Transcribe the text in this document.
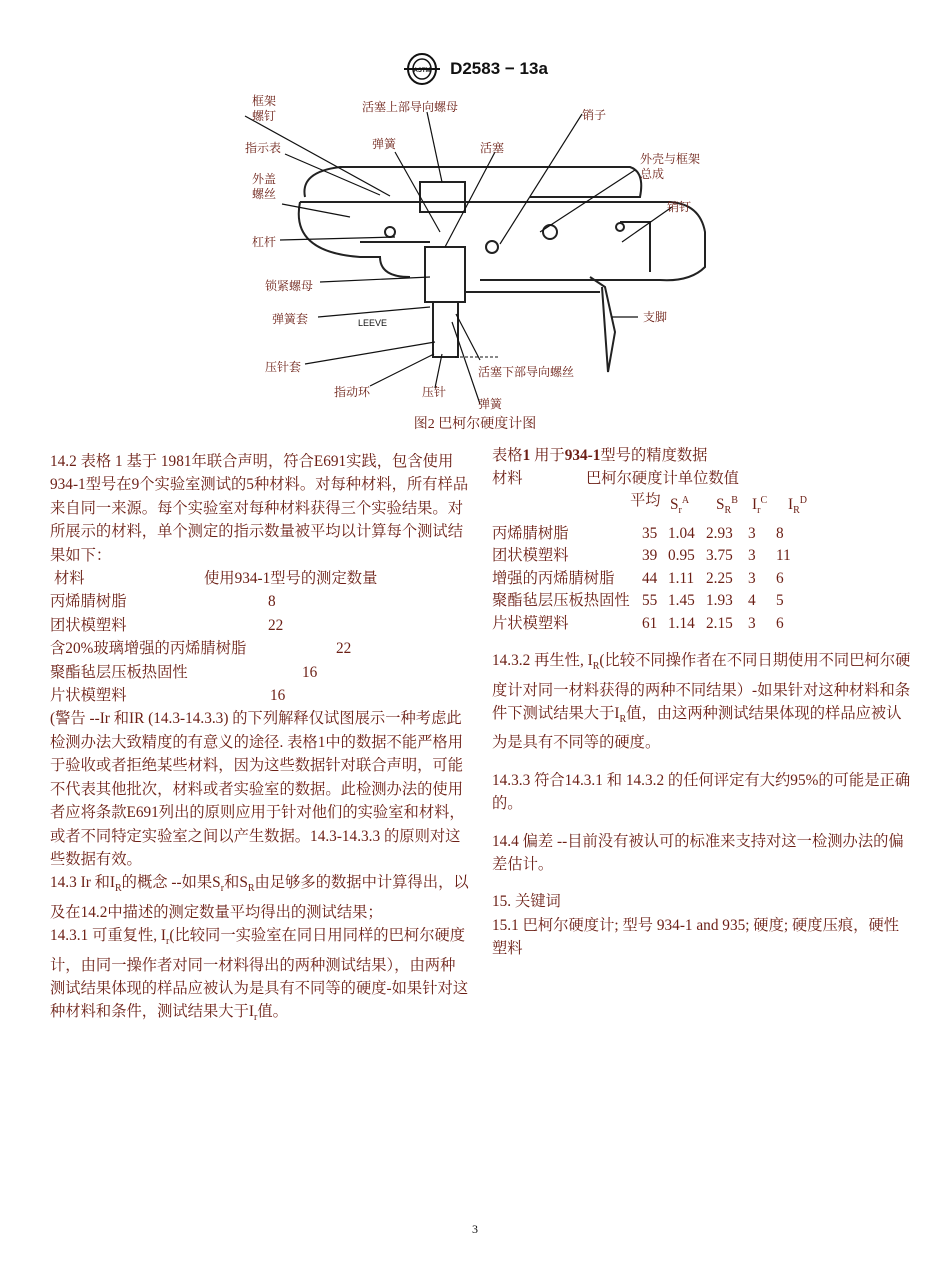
ASTM D2583 − 13a
框架
螺钉
活塞上部导向螺母
销子
指示表	弹簧	活塞
外壳与框架
总成
外盖
螺丝
销钉
杠杆
锁紧螺母
弹簧套	LEEVE	支脚
压针套	活塞下部导向螺丝
指动环	压针
弹簧
图2 巴柯尔硬度计图

14.2 表格 1 基于 1981年联合声明，符合E691实践，包含使用934-1型号在9个实验室测试的5种材料。对每种材料，所有样品来自同一来源。每个实验室对每种材料获得三个实验结果。对所展示的材料，单个测定的指示数量被平均以计算每个测试结果如下：

材料	使用934-1型号的测定数量
丙烯腈树脂	8
团状模塑料	22
含20%玻璃增强的丙烯腈树脂	22
聚酯毡层压板热固性	16
片状模塑料	16

(警告 --Ir 和IR (14.3-14.3.3) 的下列解释仅试图展示一种考虑此检测办法大致精度的有意义的途径. 表格1中的数据不能严格用于验收或者拒绝某些材料，因为这些数据针对联合声明，可能不代表其他批次，材料或者实验室的数据。此检测办法的使用者应将条款E691列出的原则应用于针对他们的实验室和材料，或者不同特定实验室之间以产生数据。14.3-14.3.3 的原则对这些数据有效。

14.3 Ir 和$I_R$的概念 --如果$S_r$和$S_R$由足够多的数据中计算得出，以及在14.2中描述的测定数量平均得出的测试结果；

14.3.1 可重复性, $I_r$(比较同一实验室在同日用同样的巴柯尔硬度计，由同一操作者对同一材料得出的两种测试结果），由两种测试结果体现的样品应被认为是具有不同等的硬度-如果针对这种材料和条件，测试结果大于$I_r$值。

表格1 用于934-1型号的精度数据
材料	巴柯尔硬度计单位数值
平均 $S_r^A$	$S_R^B$ $I_r^C$	$I_R^D$
丙烯腈树脂	35 1.04 2.93 3	8
团状模塑料	39 0.95 3.75 3	11
增强的丙烯腈树脂	44 1.11 2.25 3	6
聚酯毡层压板热固性 55 1.45 1.93 4	5
片状模塑料	61 1.14 2.15 3	6

14.3.2 再生性, $I_R$(比较不同操作者在不同日期使用不同巴柯尔硬度计对同一材料获得的两种不同结果）-如果针对这种材料和条件下测试结果大于$I_R$值，由这两种测试结果体现的样品应被认为是具有不同等的硬度。

14.3.3 符合14.3.1 和 14.3.2 的任何评定有大约95%的可能是正确的。

14.4 偏差 --目前没有被认可的标准来支持对这一检测办法的偏差估计。

15. 关键词

15.1 巴柯尔硬度计; 型号 934-1 and 935; 硬度; 硬度压痕，硬性塑料

3
